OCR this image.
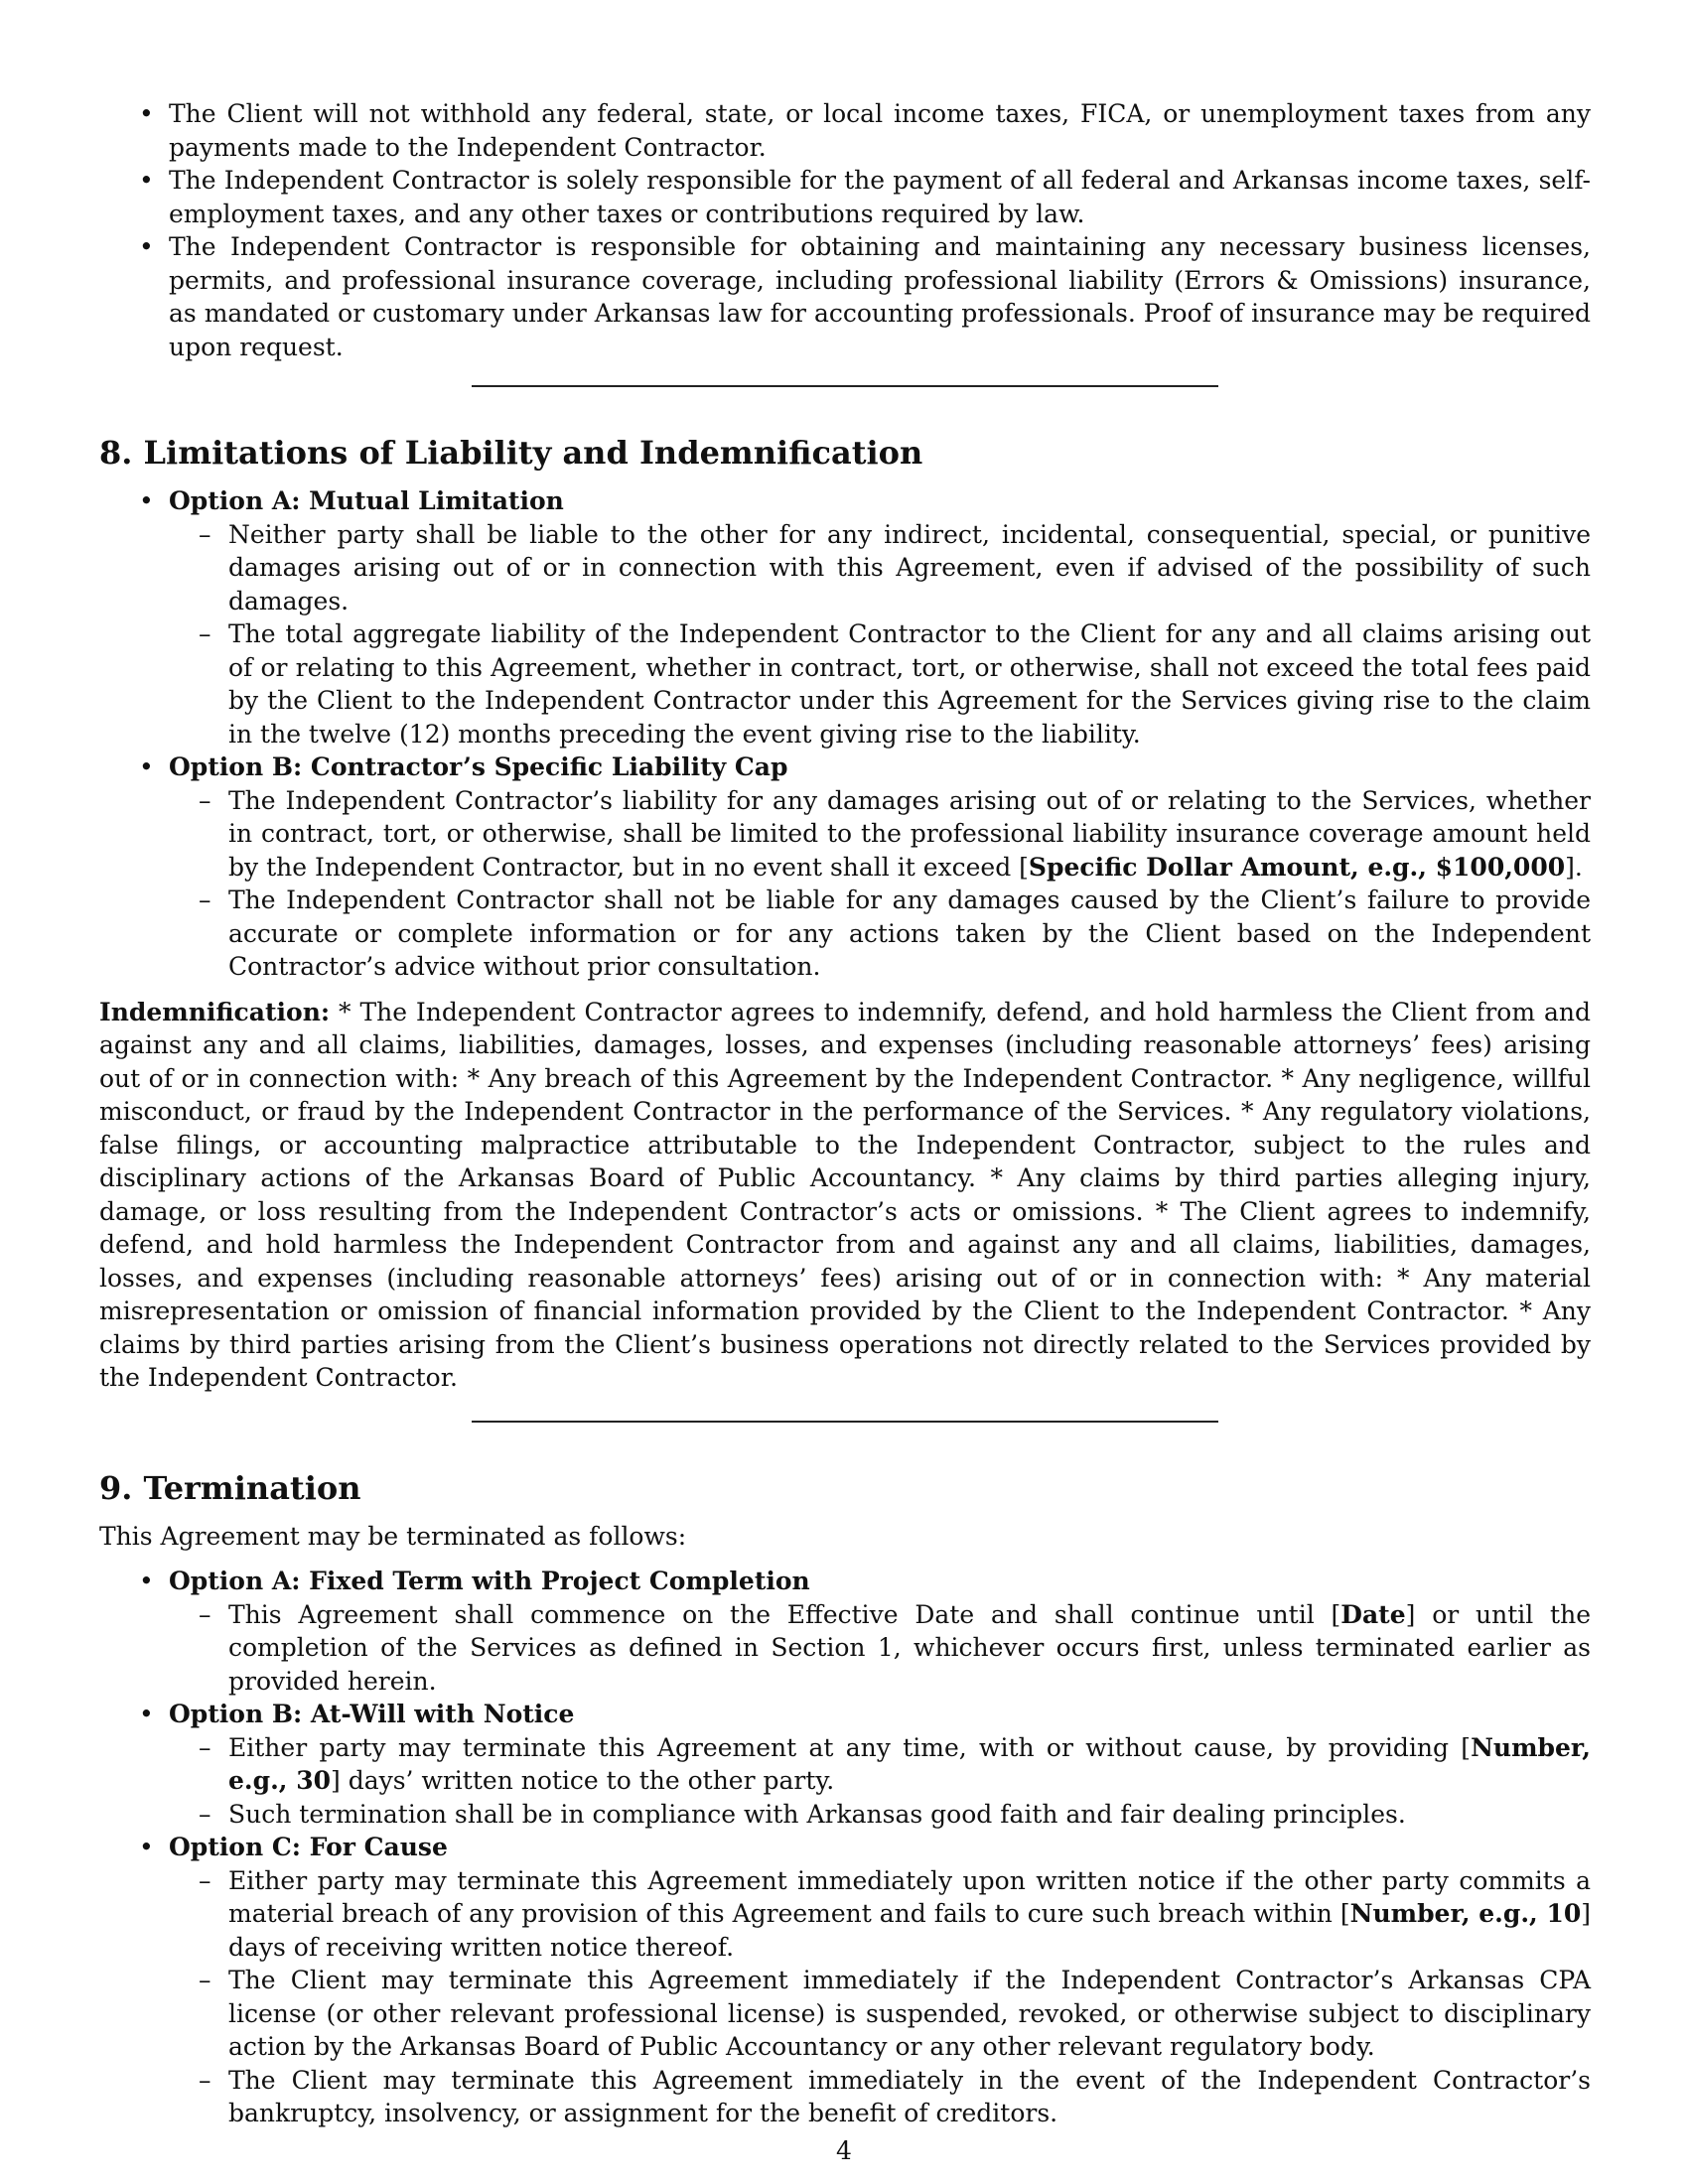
• The Client will not withhold any federal, state, or local income taxes, FICA, or unemployment taxes from any payments made to the Independent Contractor.
• The Independent Contractor is solely responsible for the payment of all federal and Arkansas income taxes, self-employment taxes, and any other taxes or contributions required by law.
• The Independent Contractor is responsible for obtaining and maintaining any necessary business licenses, permits, and professional insurance coverage, including professional liability (Errors & Omissions) insurance, as mandated or customary under Arkansas law for accounting professionals. Proof of insurance may be required upon request.
8. Limitations of Liability and Indemnification
• Option A: Mutual Limitation
– Neither party shall be liable to the other for any indirect, incidental, consequential, special, or punitive damages arising out of or in connection with this Agreement, even if advised of the possibility of such damages.
– The total aggregate liability of the Independent Contractor to the Client for any and all claims arising out of or relating to this Agreement, whether in contract, tort, or otherwise, shall not exceed the total fees paid by the Client to the Independent Contractor under this Agreement for the Services giving rise to the claim in the twelve (12) months preceding the event giving rise to the liability.
• Option B: Contractor’s Specific Liability Cap
– The Independent Contractor’s liability for any damages arising out of or relating to the Services, whether in contract, tort, or otherwise, shall be limited to the professional liability insurance coverage amount held by the Independent Contractor, but in no event shall it exceed [Specific Dollar Amount, e.g., $100,000].
– The Independent Contractor shall not be liable for any damages caused by the Client’s failure to provide accurate or complete information or for any actions taken by the Client based on the Independent Contractor’s advice without prior consultation.

Indemnification: * The Independent Contractor agrees to indemnify, defend, and hold harmless the Client from and against any and all claims, liabilities, damages, losses, and expenses (including reasonable attorneys’ fees) arising out of or in connection with: * Any breach of this Agreement by the Independent Contractor. * Any negligence, willful misconduct, or fraud by the Independent Contractor in the performance of the Services. * Any regulatory violations, false filings, or accounting malpractice attributable to the Independent Contractor, subject to the rules and disciplinary actions of the Arkansas Board of Public Accountancy. * Any claims by third parties alleging injury, damage, or loss resulting from the Independent Contractor’s acts or omissions. * The Client agrees to indemnify, defend, and hold harmless the Independent Contractor from and against any and all claims, liabilities, damages, losses, and expenses (including reasonable attorneys’ fees) arising out of or in connection with: * Any material misrepresentation or omission of financial information provided by the Client to the Independent Contractor. * Any claims by third parties arising from the Client’s business operations not directly related to the Services provided by the Independent Contractor.

9. Termination

This Agreement may be terminated as follows:

• Option A: Fixed Term with Project Completion
– This Agreement shall commence on the Effective Date and shall continue until [Date] or until the completion of the Services as defined in Section 1, whichever occurs first, unless terminated earlier as provided herein.
• Option B: At-Will with Notice
– Either party may terminate this Agreement at any time, with or without cause, by providing [Number, e.g., 30] days’ written notice to the other party.
– Such termination shall be in compliance with Arkansas good faith and fair dealing principles.
• Option C: For Cause
– Either party may terminate this Agreement immediately upon written notice if the other party commits a material breach of any provision of this Agreement and fails to cure such breach within [Number, e.g., 10] days of receiving written notice thereof.
– The Client may terminate this Agreement immediately if the Independent Contractor’s Arkansas CPA license (or other relevant professional license) is suspended, revoked, or otherwise subject to disciplinary action by the Arkansas Board of Public Accountancy or any other relevant regulatory body.
– The Client may terminate this Agreement immediately in the event of the Independent Contractor’s bankruptcy, insolvency, or assignment for the benefit of creditors.
4
